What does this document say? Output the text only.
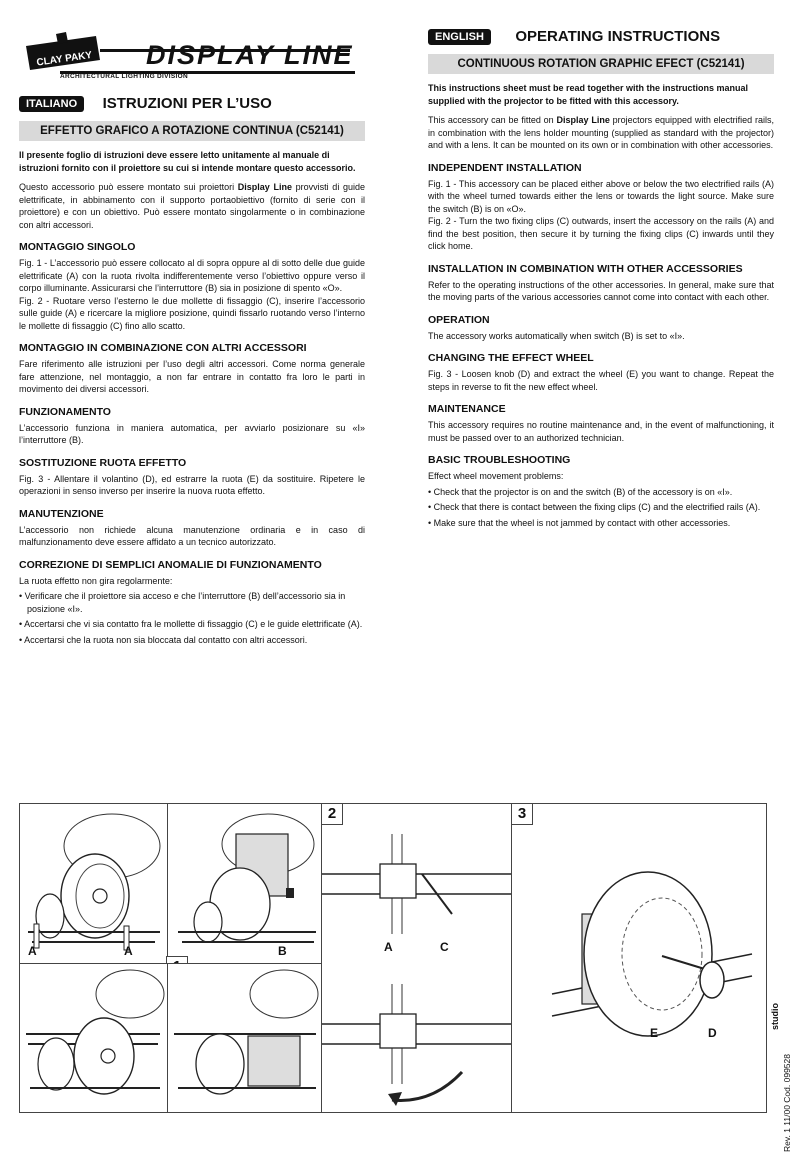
CLAY PAKY DISPLAY LINE
ARCHITECTURAL LIGHTING DIVISION
ITALIANO ISTRUZIONI PER L’USO
EFFETTO GRAFICO A ROTAZIONE CONTINUA (C52141)
Il presente foglio di istruzioni deve essere letto unitamente al manuale di istruzioni fornito con il proiettore su cui si intende montare questo accessorio.
Questo accessorio può essere montato sui proiettori Display Line provvisti di guide elettrificate, in abbinamento con il supporto portaobiettivo (fornito di serie con il proiettore) e con un obiettivo. Può essere montato singolarmente o in combinazione con altri accessori.
MONTAGGIO SINGOLO
Fig. 1 - L’accessorio può essere collocato al di sopra oppure al di sotto delle due guide elettrificate (A) con la ruota rivolta indifferentemente verso l’obiettivo oppure verso il corpo illuminante. Assicurarsi che l’interruttore (B) sia in posizione di spento «O».
Fig. 2 - Ruotare verso l’esterno le due mollette di fissaggio (C), inserire l’accessorio sulle guide (A) e ricercare la migliore posizione, quindi fissarlo ruotando verso l’interno le mollette di fissaggio (C) fino allo scatto.
MONTAGGIO IN COMBINAZIONE CON ALTRI ACCESSORI
Fare riferimento alle istruzioni per l’uso degli altri accessori. Come norma generale fare attenzione, nel montaggio, a non far entrare in contatto fra loro le parti in movimento dei diversi accessori.
FUNZIONAMENTO
L’accessorio funziona in maniera automatica, per avviarlo posizionare su «I» l’interruttore (B).
SOSTITUZIONE RUOTA EFFETTO
Fig. 3 - Allentare il volantino (D), ed estrarre la ruota (E) da sostituire. Ripetere le operazioni in senso inverso per inserire la nuova ruota effetto.
MANUTENZIONE
L’accessorio non richiede alcuna manutenzione ordinaria e in caso di malfunzionamento deve essere affidato a un tecnico autorizzato.
CORREZIONE DI SEMPLICI ANOMALIE DI FUNZIONAMENTO
La ruota effetto non gira regolarmente:
• Verificare che il proiettore sia acceso e che l’interruttore (B) dell’accessorio sia in posizione «I».
• Accertarsi che vi sia contatto fra le mollette di fissaggio (C) e le guide elettrificate (A).
• Accertarsi che la ruota non sia bloccata dal contatto con altri accessori.
ENGLISH OPERATING INSTRUCTIONS
CONTINUOUS ROTATION GRAPHIC EFECT (C52141)
This instructions sheet must be read together with the instructions manual supplied with the projector to be fitted with this accessory.
This accessory can be fitted on Display Line projectors equipped with electrified rails, in combination with the lens holder mounting (supplied as standard with the projector) and with a lens. It can be mounted on its own or in combination with other accessories.
INDEPENDENT INSTALLATION
Fig. 1 - This accessory can be placed either above or below the two electrified rails (A) with the wheel turned towards either the lens or towards the light source. Make sure the switch (B) is on «O».
Fig. 2 - Turn the two fixing clips (C) outwards, insert the accessory on the rails (A) and find the best position, then secure it by turning the fixing clips (C) inwards until they click home.
INSTALLATION IN COMBINATION WITH OTHER ACCESSORIES
Refer to the operating instructions of the other accessories. In general, make sure that the moving parts of the various accessories cannot come into contact with each other.
OPERATION
The accessory works automatically when switch (B) is set to «I».
CHANGING THE EFFECT WHEEL
Fig. 3 - Loosen knob (D) and extract the wheel (E) you want to change. Repeat the steps in reverse to fit the new effect wheel.
MAINTENANCE
This accessory requires no routine maintenance and, in the event of malfunctioning, it must be passed over to an authorized technician.
BASIC TROUBLESHOOTING
Effect wheel movement problems:
• Check that the projector is on and the switch (B) of the accessory is on «I».
• Check that there is contact between the fixing clips (C) and the electrified rails (A).
• Make sure that the wheel is not jammed by contact with other accessories.
A	A	B	A	C
2
E	D
3
studio
Rev. 1 11/00 Cod. 099528
